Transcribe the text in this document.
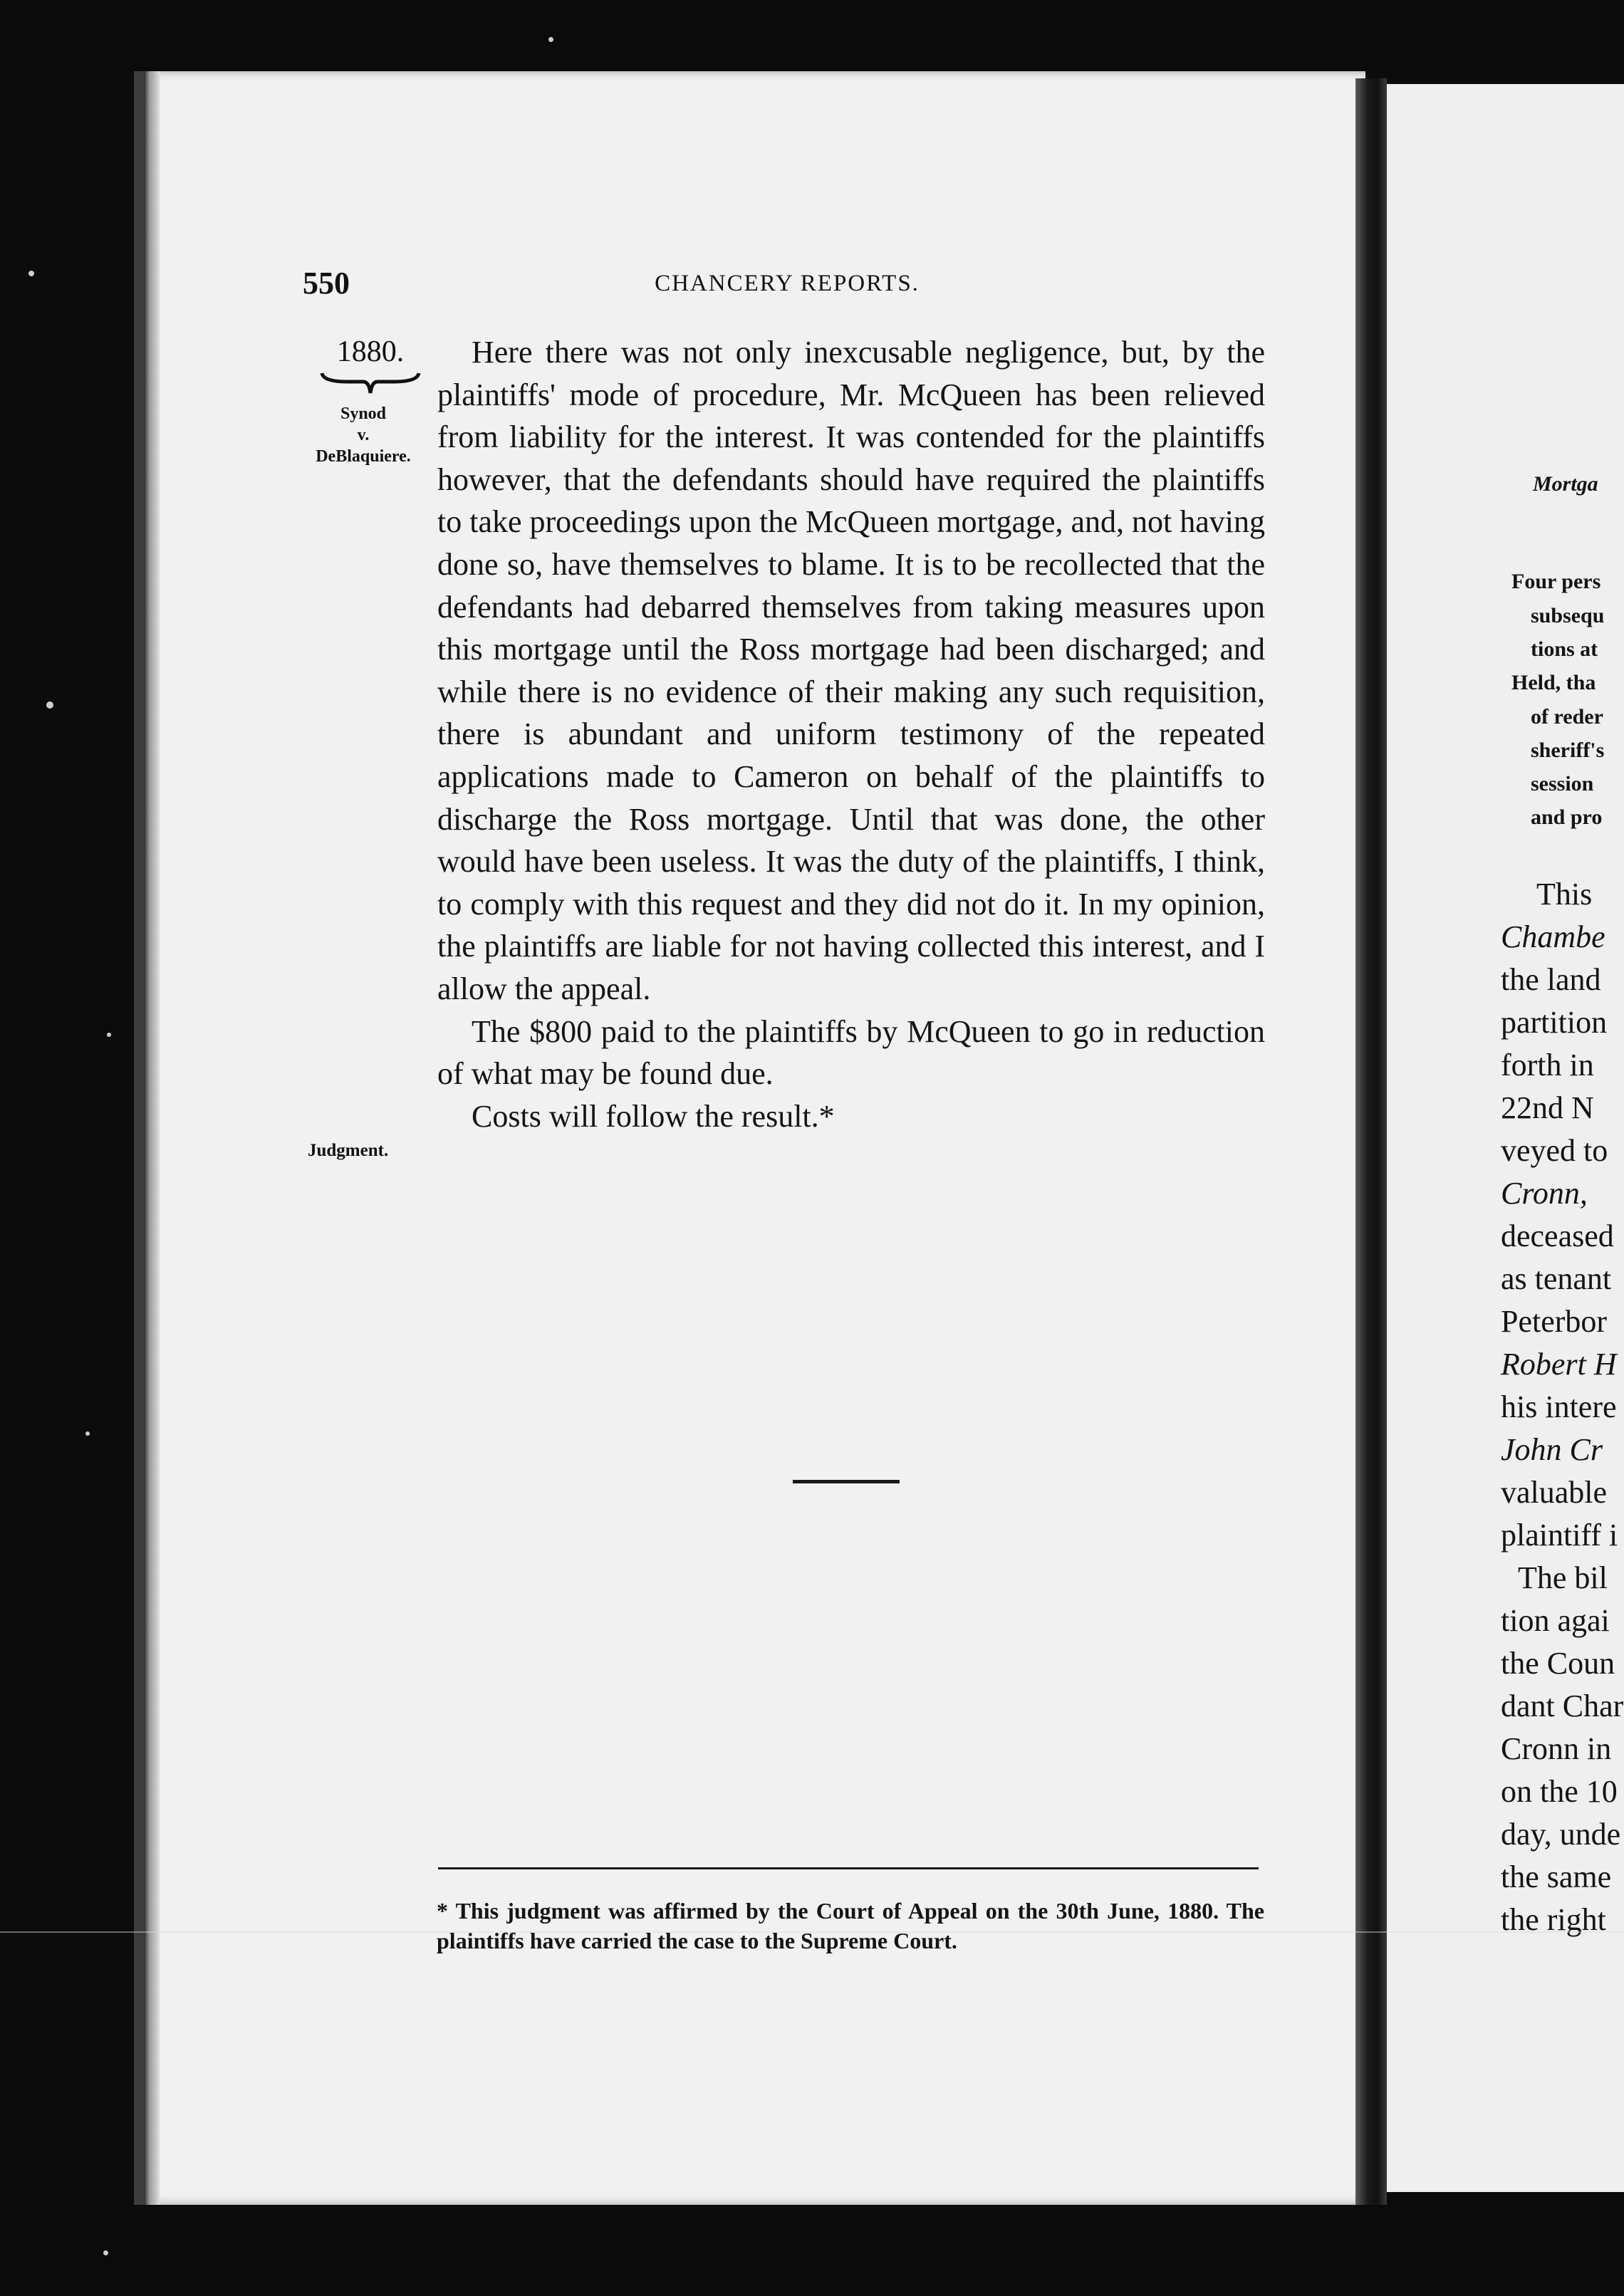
Mortga
Four pers
subsequ
tions at
Held, tha
of reder
sheriff's
session
and pro
This
Chambe
the land
partition
forth in
22nd N
veyed to
Cronn,
deceased
as tenant
Peterbor
Robert H
his intere
John Cr
valuable
plaintiff i
The bil
tion agai
the Coun
dant Char
Cronn in
on the 10
day, unde
the same
the right
550	CHANCERY REPORTS.
1880.
Synod
v.
DeBlaquiere.
Judgment.

Here there was not only inexcusable negligence, but, by the plaintiffs' mode of procedure, Mr. McQueen has been relieved from liability for the interest. It was contended for the plaintiffs however, that the defendants should have required the plaintiffs to take proceedings upon the McQueen mortgage, and, not having done so, have themselves to blame. It is to be recollected that the defendants had debarred themselves from taking measures upon this mortgage until the Ross mortgage had been discharged; and while there is no evidence of their making any such requisition, there is abundant and uniform testimony of the repeated applications made to Cameron on behalf of the plaintiffs to discharge the Ross mortgage. Until that was done, the other would have been useless. It was the duty of the plaintiffs, I think, to comply with this request and they did not do it. In my opinion, the plaintiffs are liable for not having collected this interest, and I allow the appeal.

The $800 paid to the plaintiffs by McQueen to go in reduction of what may be found due.

Costs will follow the result.*

* This judgment was affirmed by the Court of Appeal on the 30th June, 1880. The plaintiffs have carried the case to the Supreme Court.
